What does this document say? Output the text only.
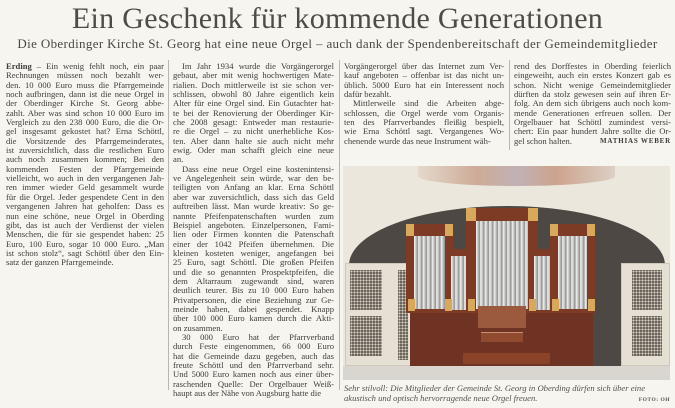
Ein Geschenk für kommende Generationen
Die Oberdinger Kirche St. Georg hat eine neue Orgel – auch dank der Spendenbereitschaft der Gemeindemitglieder
Erding – Ein wenig fehlt noch, ein paar
Rechnungen müssen noch bezahlt wer-
den. 10 000 Euro muss die Pfarrgemeinde
noch aufbringen, dann ist die neue Orgel in
der Oberdinger Kirche St. Georg abbe-
zahlt. Aber was sind schon 10 000 Euro im
Vergleich zu den 238 000 Euro, die die Or-
gel insgesamt gekostet hat? Erna Schöttl,
die Vorsitzende des Pfarrgemeinderates,
ist zuversichtlich, dass die restlichen Euro
auch noch zusammen kommen; Bei den
kommenden Festen der Pfarrgemeinde
vielleicht, wo auch in den vergangenen Jah-
ren immer wieder Geld gesammelt wurde
für die Orgel. Jeder gespendete Cent in den
vergangenen Jahren hat geholfen: Dass es
nun eine schöne, neue Orgel in Oberding
gibt, das ist auch der Verdienst der vielen
Menschen, die für sie gespendet haben: 25
Euro, 100 Euro, sogar 10 000 Euro. „Man
ist schon stolz“, sagt Schöttl über den Ein-
satz der ganzen Pfarrgemeinde.
Im Jahr 1934 wurde die Vorgängerorgel
gebaut, aber mit wenig hochwertigen Mate-
rialien. Doch mittlerweile ist sie schon ver-
schlissen, obwohl 80 Jahre eigentlich kein
Alter für eine Orgel sind. Ein Gutachter hat-
te bei der Renovierung der Oberdinger Kir-
che 2008 gesagt: Entweder man restaurie-
re die Orgel – zu nicht unerhebliche Kos-
ten. Aber dann halte sie auch nicht mehr
ewig. Oder man schafft gleich eine neue
an.
Dass eine neue Orgel eine kostenintensi-
ve Angelegenheit sein würde, war den be-
teiligten von Anfang an klar. Erna Schöttl
aber war zuversichtlich, dass sich das Geld
auftreiben lässt. Man wurde kreativ: So ge-
nannte Pfeifenpatenschaften wurden zum
Beispiel angeboten. Einzelpersonen, Fami-
lien oder Firmen konnten die Patenschaft
einer der 1042 Pfeifen übernehmen. Die
kleinen kosteten weniger, angefangen bei
25 Euro, sagt Schöttl. Die großen Pfeifen
und die so genannten Prospektpfeifen, die
dem Altarraum zugewandt sind, waren
deutlich teurer. Bis zu 10 000 Euro haben
Privatpersonen, die eine Beziehung zur Ge-
meinde haben, dabei gespendet. Knapp
über 100 000 Euro kamen durch die Akti-
on zusammen.
30 000 Euro hat der Pfarrverband
durch Feste eingenommen, 66 000 Euro
hat die Gemeinde dazu gegeben, auch das
freute Schöttl und den Pfarrverband sehr.
Und 5000 Euro kamen noch aus einer über-
raschenden Quelle: Der Orgelbauer Weiß-
haupt aus der Nähe von Augsburg hatte die
Vorgängerorgel über das Internet zum Ver-
kauf angeboten – offenbar ist das nicht un-
üblich. 5000 Euro hat ein Interessent noch
dafür bezahlt.
Mittlerweile sind die Arbeiten abge-
schlossen, die Orgel werde vom Organis-
ten des Pfarrverbandes fleißig bespielt,
wie Erna Schöttl sagt. Vergangenes Wo-
chenende wurde das neue Instrument wäh-
rend des Dorffestes in Oberding feierlich
eingeweiht, auch ein erstes Konzert gab es
schon. Nicht wenige Gemeindemitglieder
dürften da stolz gewesen sein auf ihren Er-
folg. An dem sich übrigens auch noch kom-
mende Generationen erfreuen sollen. Der
Orgelbauer hat Schöttl zumindest versi-
chert: Ein paar hundert Jahre sollte die Or-
gel schon halten.	MATHIAS WEBER
Sehr stilvoll: Die Mitglieder der Gemeinde St. Georg in Oberding dürfen sich über eine akustisch und optisch hervorragende neue Orgel freuen.	FOTO: OH
